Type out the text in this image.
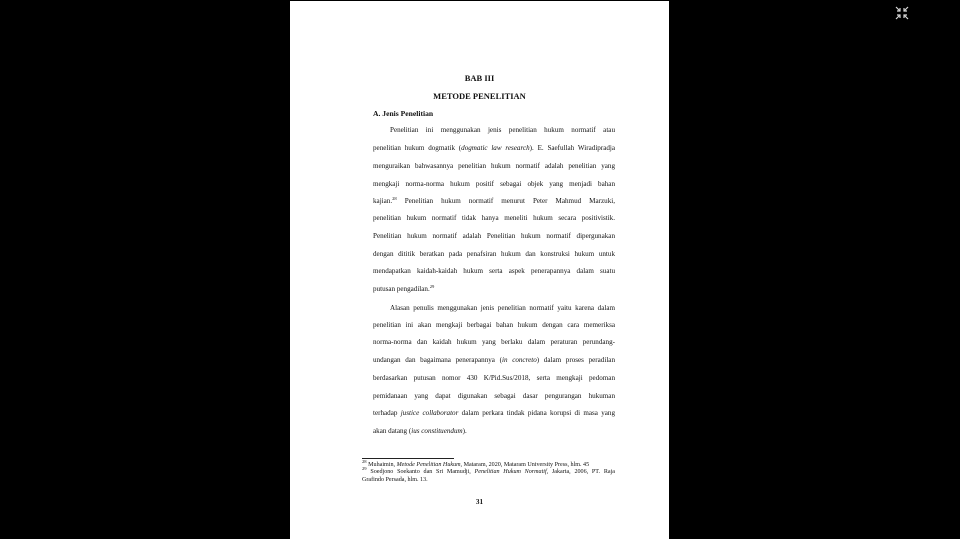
BAB III
METODE PENELITIAN
A. Jenis Penelitian
Penelitian ini menggunakan jenis penelitian hukum normatif atau
penelitian hukum dogmatik (dogmatic law research). E. Saefullah Wiradipradja
menguraikan bahwasannya penelitian hukum normatif adalah penelitian yang
mengkaji norma-norma hukum positif sebagai objek yang menjadi bahan
kajian.$^{28}$ Penelitian hukum normatif menurut Peter Mahmud Marzuki,
penelitian hukum normatif tidak hanya meneliti hukum secara positivistik.
Penelitian hukum normatif adalah Penelitian hukum normatif dipergunakan
dengan dititik beratkan pada penafsiran hukum dan konstruksi hukum untuk
mendapatkan kaidah-kaidah hukum serta aspek penerapannya dalam suatu
putusan pengadilan.$^{29}$
Alasan penulis menggunakan jenis penelitian normatif yaitu karena dalam
penelitian ini akan mengkaji berbagai bahan hukum dengan cara memeriksa
norma-norma dan kaidah hukum yang berlaku dalam peraturan perundang-
undangan dan bagaimana penerapannya (in concreto) dalam proses peradilan
berdasarkan putusan nomor 430 K/Pid.Sus/2018, serta mengkaji pedoman
pemidanaan yang dapat digunakan sebagai dasar pengurangan hukuman
terhadap justice collaborator dalam perkara tindak pidana korupsi di masa yang
akan datang (ius constituendum).
$^{28}$ Muhaimin, Metode Penelitian Hukum, Mataram, 2020, Mataram University Press, hlm. 45
$^{29}$ Soedjono Soekanto dan Sri Mamudji, Penelitian Hukum Normatif, Jakarta, 2006, PT. Raja
Grafindo Persada, hlm. 13.
31
